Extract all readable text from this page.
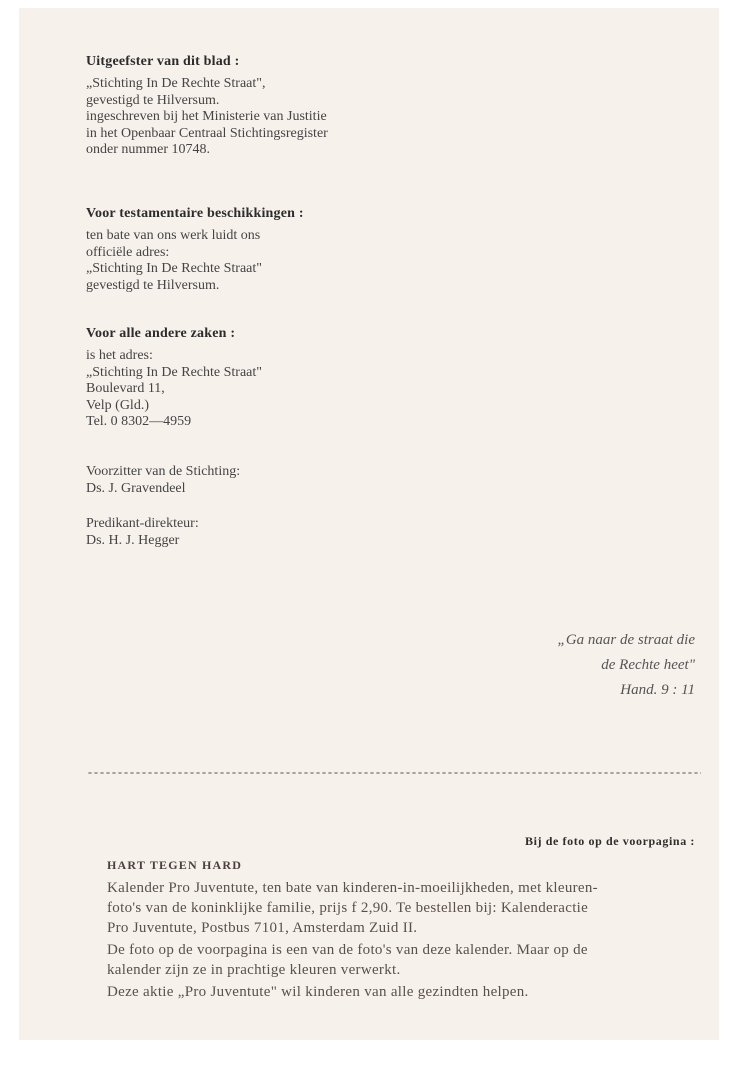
Uitgeefster van dit blad :
„Stichting In De Rechte Straat",
gevestigd te Hilversum.
ingeschreven bij het Ministerie van Justitie
in het Openbaar Centraal Stichtingsregister
onder nummer 10748.
Voor testamentaire beschikkingen :
ten bate van ons werk luidt ons
officiële adres:
„Stichting In De Rechte Straat"
gevestigd te Hilversum.
Voor alle andere zaken :
is het adres:
„Stichting In De Rechte Straat"
Boulevard 11,
Velp (Gld.)
Tel. 0 8302—4959
Voorzitter van de Stichting:
Ds. J. Gravendeel
Predikant-direkteur:
Ds. H. J. Hegger
„Ga naar de straat die
de Rechte heet"
Hand. 9 : 11
Bij de foto op de voorpagina :
HART TEGEN HARD
Kalender Pro Juventute, ten bate van kinderen-in-moeilijkheden, met kleuren-
foto's van de koninklijke familie, prijs f 2,90. Te bestellen bij: Kalenderactie
Pro Juventute, Postbus 7101, Amsterdam Zuid II.
De foto op de voorpagina is een van de foto's van deze kalender. Maar op de
kalender zijn ze in prachtige kleuren verwerkt.
Deze aktie „Pro Juventute" wil kinderen van alle gezindten helpen.
